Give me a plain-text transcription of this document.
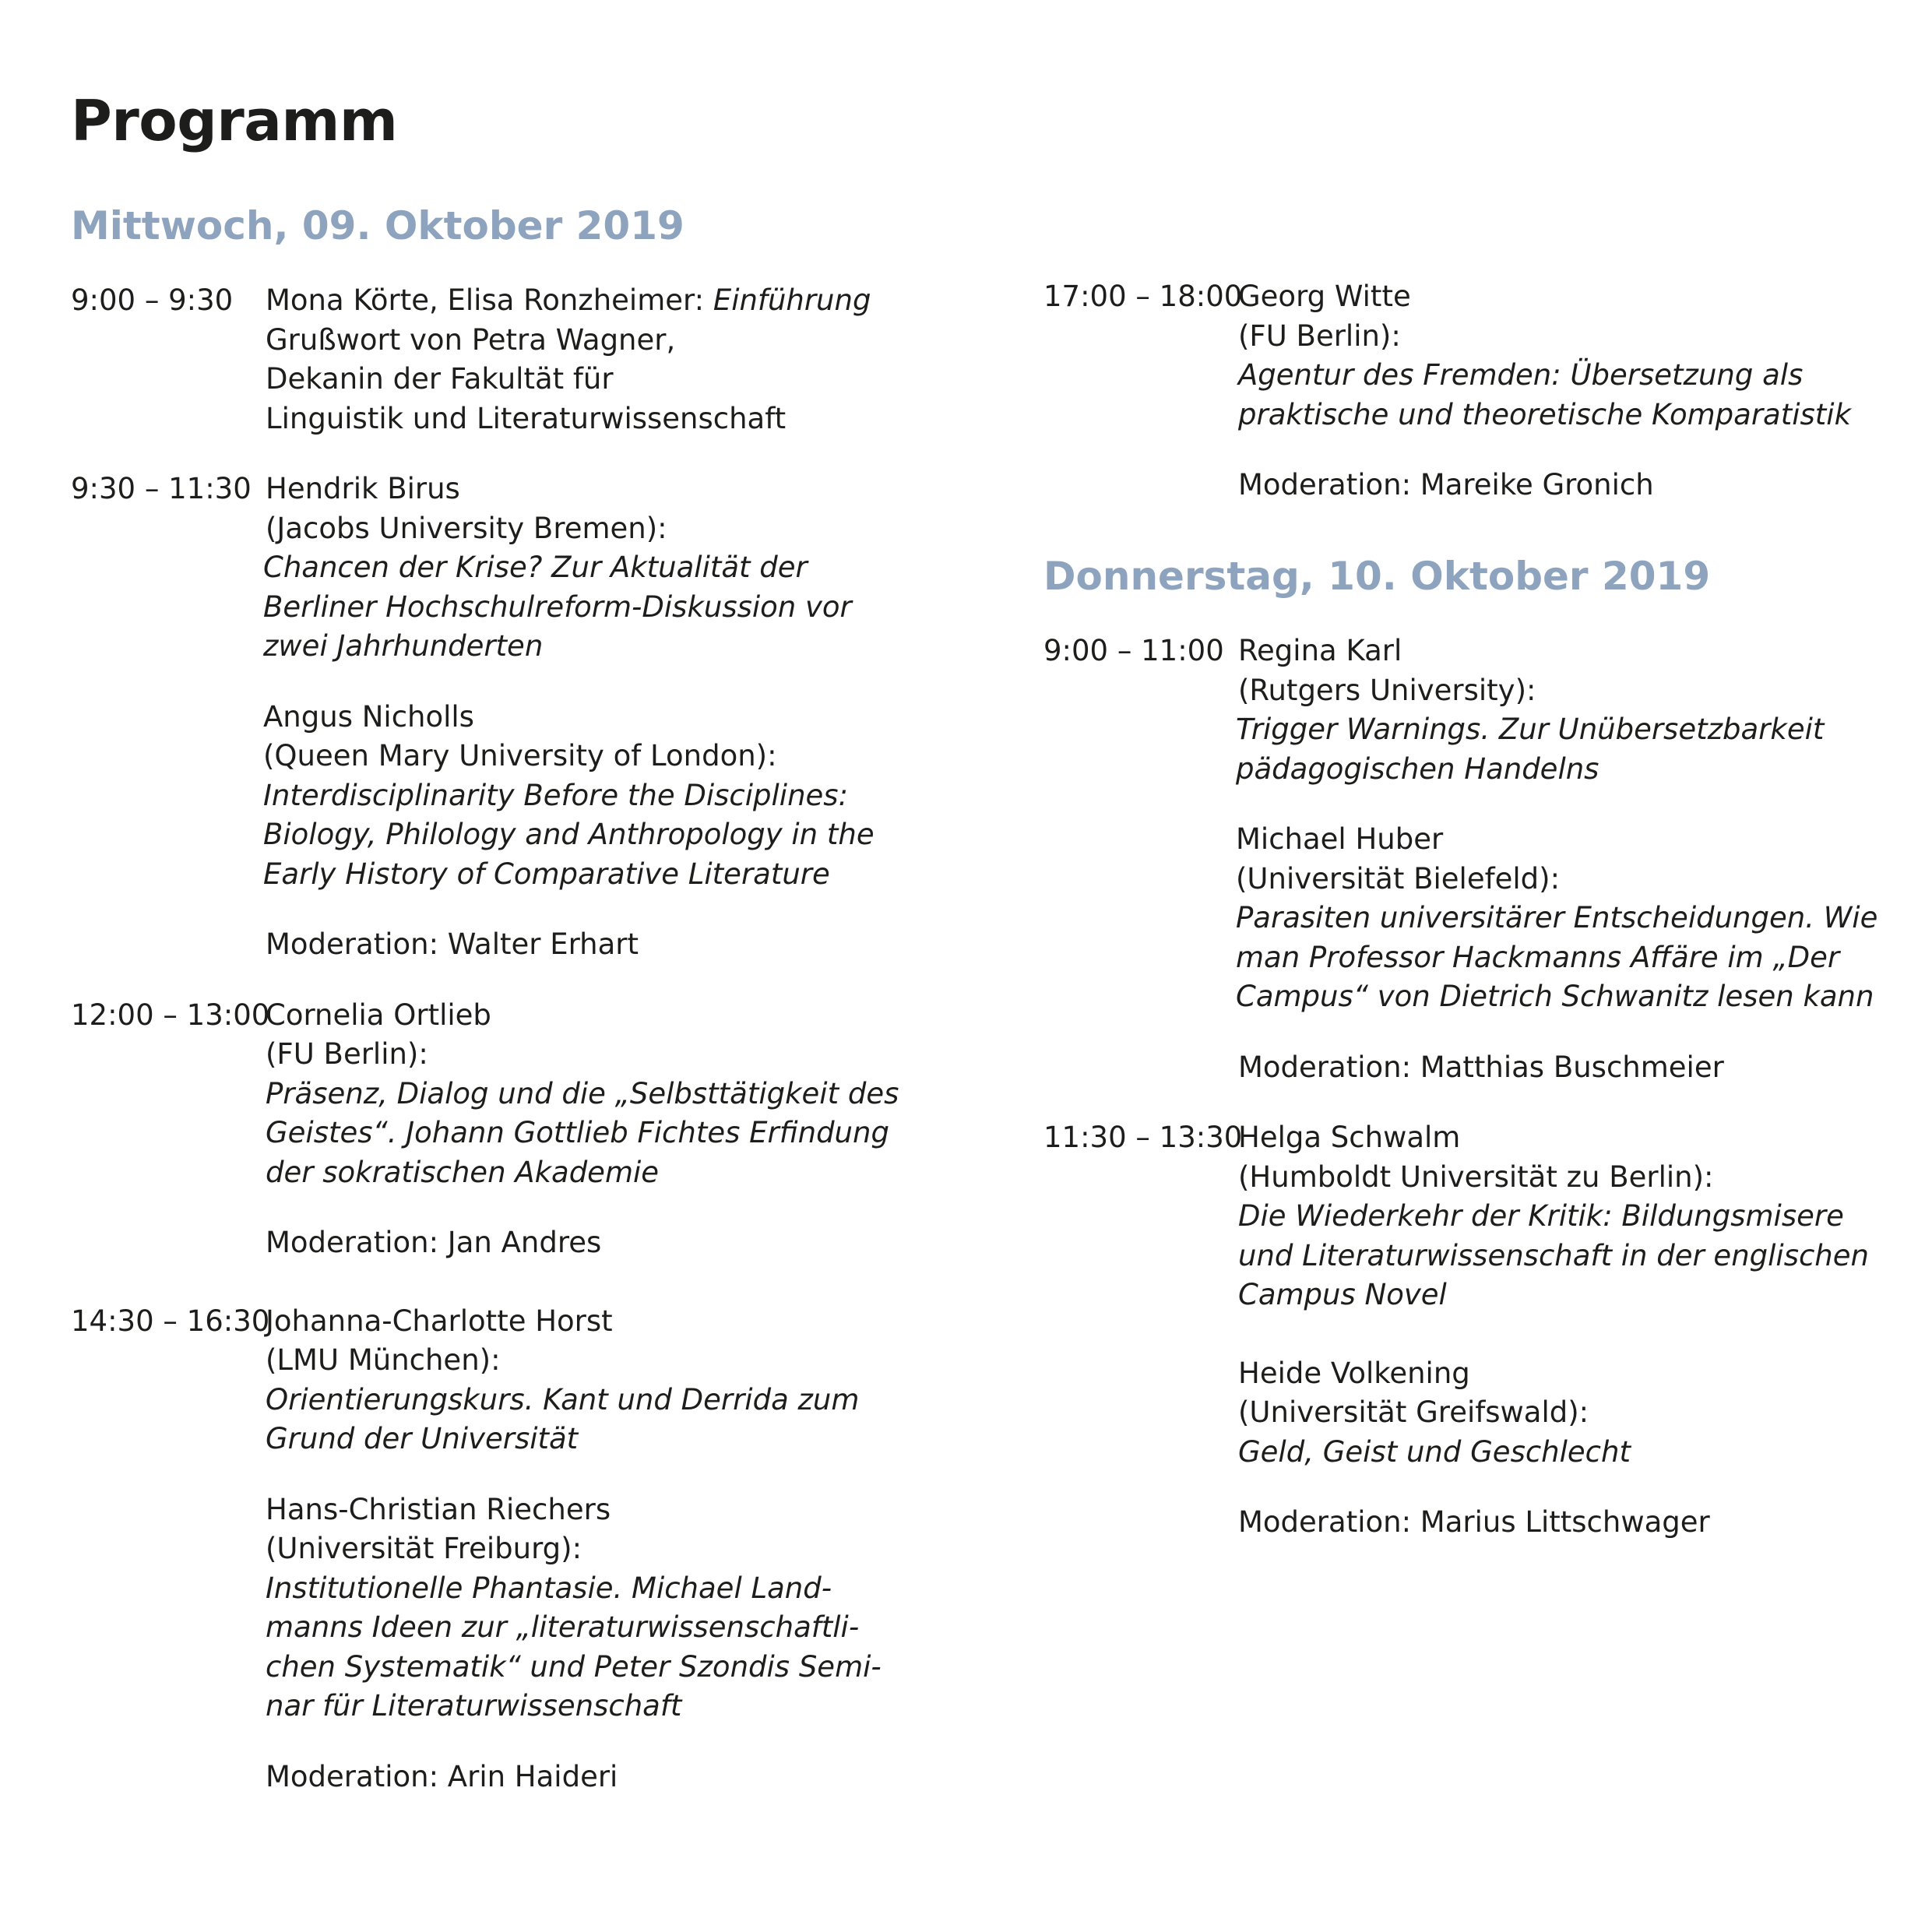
Programm
Mittwoch, 09. Oktober 2019
9:00 – 9:30	Mona Körte, Elisa Ronzheimer: Einführung
Grußwort von Petra Wagner,
Dekanin der Fakultät für
Linguistik und Literaturwissenschaft
9:30 – 11:30 Hendrik Birus
(Jacobs University Bremen):
Chancen der Krise? Zur Aktualität der
Berliner Hochschulreform-Diskussion vor
zwei Jahrhunderten
Angus Nicholls
(Queen Mary University of London):
Interdisciplinarity Before the Disciplines:
Biology, Philology and Anthropology in the
Early History of Comparative Literature
Moderation: Walter Erhart
12:00 – 13:00
Cornelia Ortlieb
(FU Berlin):
Präsenz, Dialog und die „Selbsttätigkeit des
Geistes“. Johann Gottlieb Fichtes Erfindung
der sokratischen Akademie
Moderation: Jan Andres
14:30 – 16:30
Johanna-Charlotte Horst
(LMU München):
Orientierungskurs. Kant und Derrida zum
Grund der Universität
Hans-Christian Riechers
(Universität Freiburg):
Institutionelle Phantasie. Michael Land-
manns Ideen zur „literaturwissenschaftli-
chen Systematik“ und Peter Szondis Semi-
nar für Literaturwissenschaft
Moderation: Arin Haideri
17:00 – 18:00
Georg Witte
(FU Berlin):
Agentur des Fremden: Übersetzung als
praktische und theoretische Komparatistik
Moderation: Mareike Gronich
Donnerstag, 10. Oktober 2019
9:00 – 11:00 Regina Karl
(Rutgers University):
Trigger Warnings. Zur Unübersetzbarkeit
pädagogischen Handelns
Michael Huber
(Universität Bielefeld):
Parasiten universitärer Entscheidungen. Wie
man Professor Hackmanns Affäre im „Der
Campus“ von Dietrich Schwanitz lesen kann
Moderation: Matthias Buschmeier
11:30 – 13:30
Helga Schwalm
(Humboldt Universität zu Berlin):
Die Wiederkehr der Kritik: Bildungsmisere
und Literaturwissenschaft in der englischen
Campus Novel
Heide Volkening
(Universität Greifswald):
Geld, Geist und Geschlecht
Moderation: Marius Littschwager
